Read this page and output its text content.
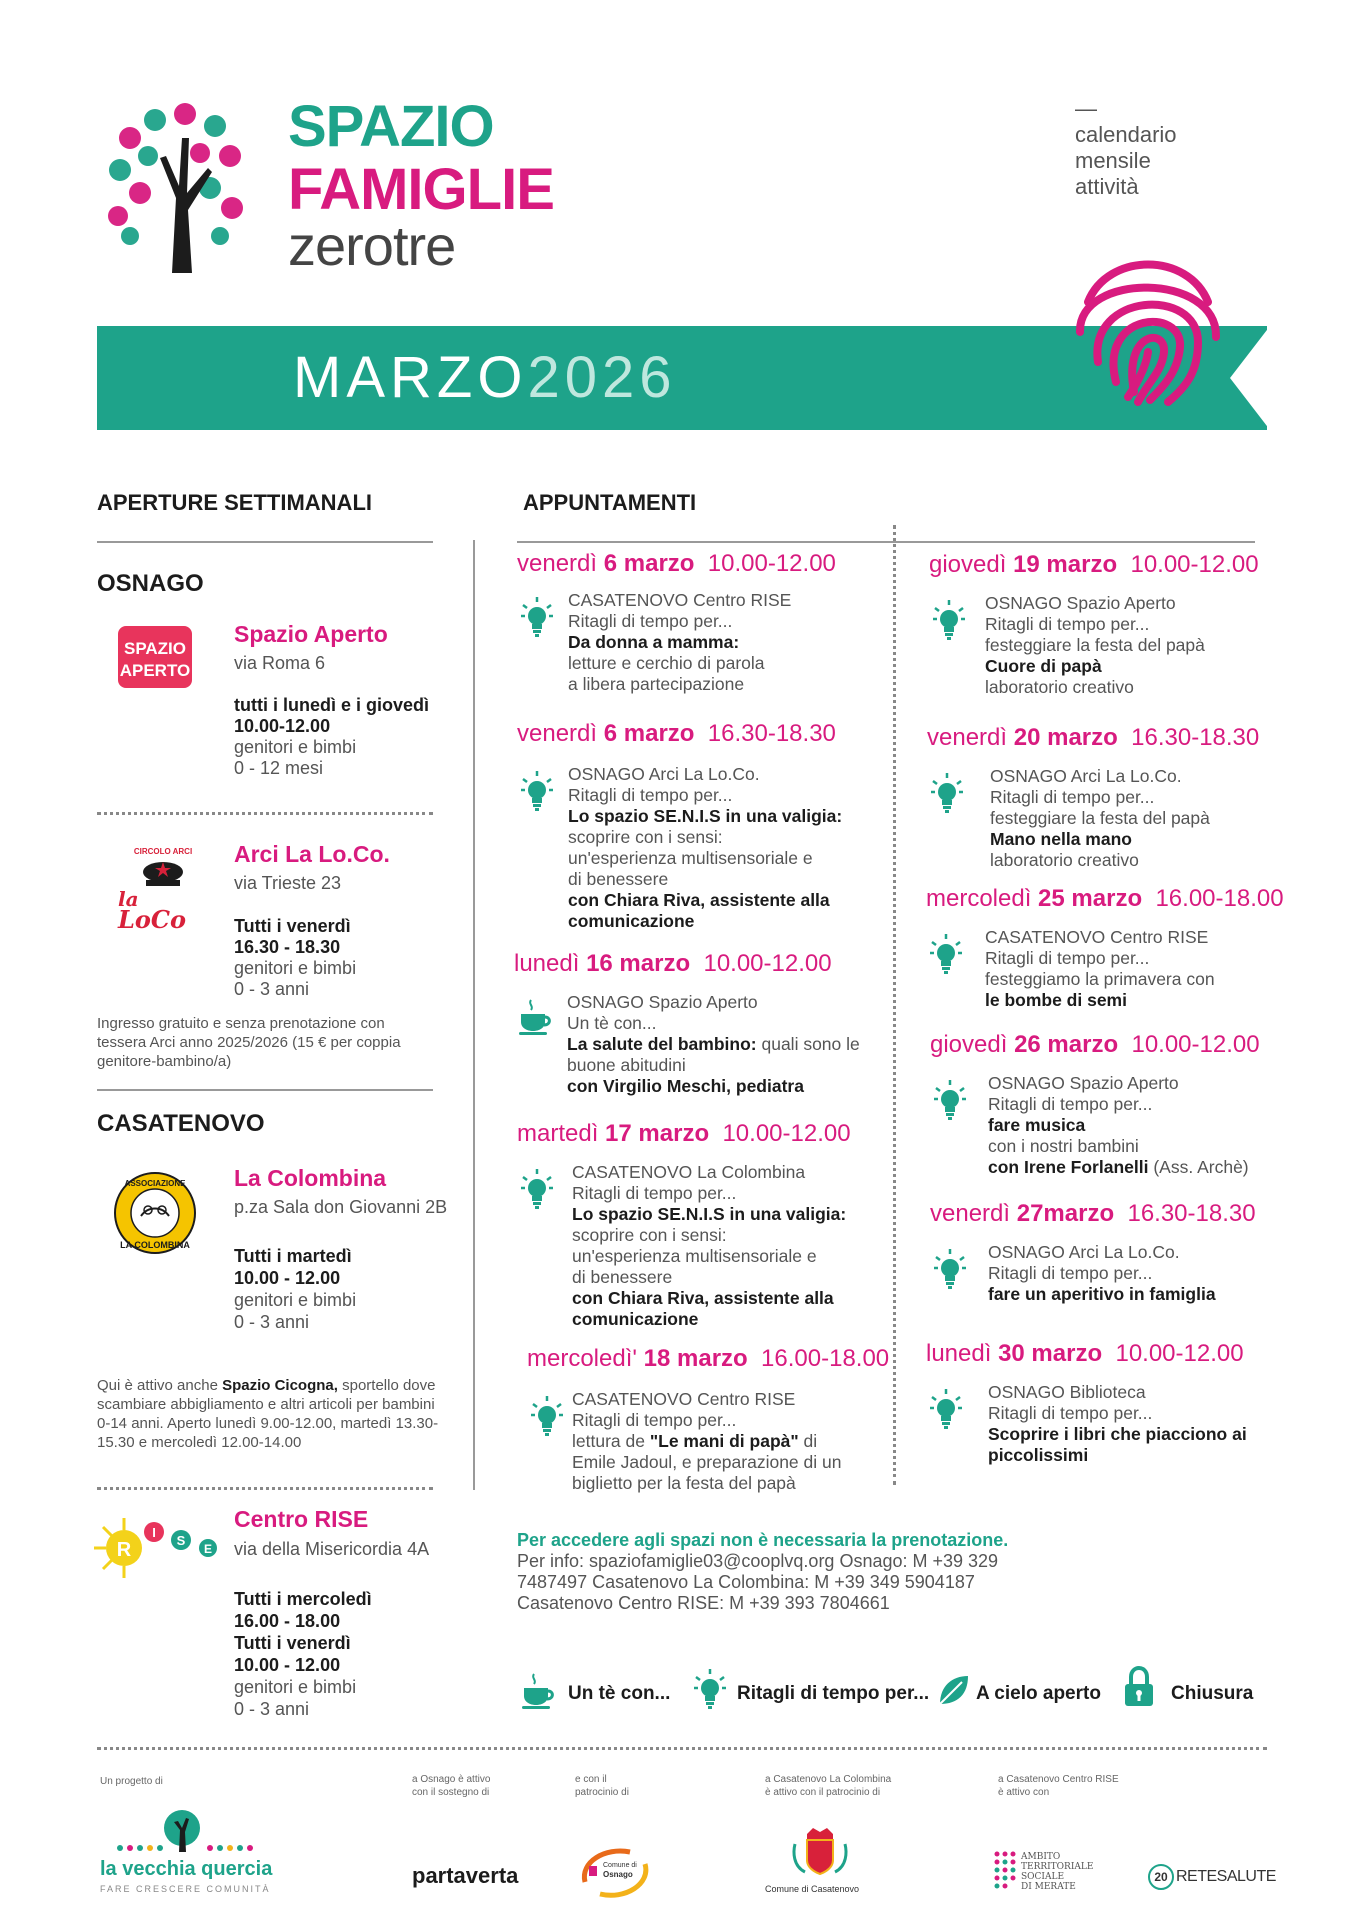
SPAZIO
FAMIGLIE
zerotre
—
calendario
mensile
attività
MARZO2026
APERTURE SETTIMANALI
OSNAGO
SPAZIO
APERTO
Spazio Aperto
via Roma 6
tutti i lunedì e i giovedì
10.00-12.00
genitori e bimbi
0 - 12 mesi
CIRCOLO ARCI
la
LoCo
Arci La Lo.Co.
via Trieste 23
Tutti i venerdì
16.30 - 18.30
genitori e bimbi
0 - 3 anni
Ingresso gratuito e senza prenotazione con tessera Arci anno 2025/2026 (15 € per coppia genitore-bambino/a)
CASATENOVO
ASSOCIAZIONE
LA COLOMBINA
La Colombina
p.za Sala don Giovanni 2B
Tutti i martedì
10.00 - 12.00
genitori e bimbi
0 - 3 anni
Qui è attivo anche Spazio Cicogna, sportello dove scambiare abbigliamento e altri articoli per bambini 0-14 anni. Aperto lunedì 9.00-12.00, martedì 13.30-15.30 e mercoledì 12.00-14.00
R
I
S
E
Centro RISE
via della Misericordia 4A
Tutti i mercoledì
16.00 - 18.00
Tutti i venerdì
10.00 - 12.00
genitori e bimbi
0 - 3 anni
APPUNTAMENTI
venerdì 6 marzo 10.00-12.00
CASATENOVO Centro RISE
Ritagli di tempo per...
Da donna a mamma:
letture e cerchio di parola
a libera partecipazione
venerdì 6 marzo 16.30-18.30
OSNAGO Arci La Lo.Co.
Ritagli di tempo per...
Lo spazio SE.N.I.S in una valigia:
scoprire con i sensi:
un'esperienza multisensoriale e
di benessere
con Chiara Riva, assistente alla
comunicazione
lunedì 16 marzo 10.00-12.00
OSNAGO Spazio Aperto
Un tè con...
La salute del bambino: quali sono le
buone abitudini
con Virgilio Meschi, pediatra
martedì 17 marzo 10.00-12.00
CASATENOVO La Colombina
Ritagli di tempo per...
Lo spazio SE.N.I.S in una valigia:
scoprire con i sensi:
un'esperienza multisensoriale e
di benessere
con Chiara Riva, assistente alla
comunicazione
mercoledì' 18 marzo 16.00-18.00
CASATENOVO Centro RISE
Ritagli di tempo per...
lettura de "Le mani di papà" di
Emile Jadoul, e preparazione di un
biglietto per la festa del papà
giovedì 19 marzo 10.00-12.00
OSNAGO Spazio Aperto
Ritagli di tempo per...
festeggiare la festa del papà
Cuore di papà
laboratorio creativo
venerdì 20 marzo 16.30-18.30
OSNAGO Arci La Lo.Co.
Ritagli di tempo per...
festeggiare la festa del papà
Mano nella mano
laboratorio creativo
mercoledì 25 marzo 16.00-18.00
CASATENOVO Centro RISE
Ritagli di tempo per...
festeggiamo la primavera con
le bombe di semi
giovedì 26 marzo 10.00-12.00
OSNAGO Spazio Aperto
Ritagli di tempo per...
fare musica
con i nostri bambini
con Irene Forlanelli (Ass. Archè)
venerdì 27marzo 16.30-18.30
OSNAGO Arci La Lo.Co.
Ritagli di tempo per...
fare un aperitivo in famiglia
lunedì 30 marzo 10.00-12.00
OSNAGO Biblioteca
Ritagli di tempo per...
Scoprire i libri che piacciono ai
piccolissimi
Per accedere agli spazi non è necessaria la prenotazione.
Per info: spaziofamiglie03@cooplvq.org Osnago: M +39 329
7487497 Casatenovo La Colombina: M +39 349 5904187
Casatenovo Centro RISE: M +39 393 7804661
Un tè con...	Ritagli di tempo per... A cielo aperto	Chiusura
Un progetto di	a Osnago è attivo
con il sostegno di
e con il
patrocinio di
a Casatenovo La Colombina
è attivo con il patrocinio di
a Casatenovo Centro RISE
è attivo con
la vecchia quercia
FARE CRESCERE COMUNITÀ
partaverta	Comune di
Osnago
Comune di Casatenovo
AMBITO
TERRITORIALE
SOCIALE
DI MERATE
20 RETESALUTE
